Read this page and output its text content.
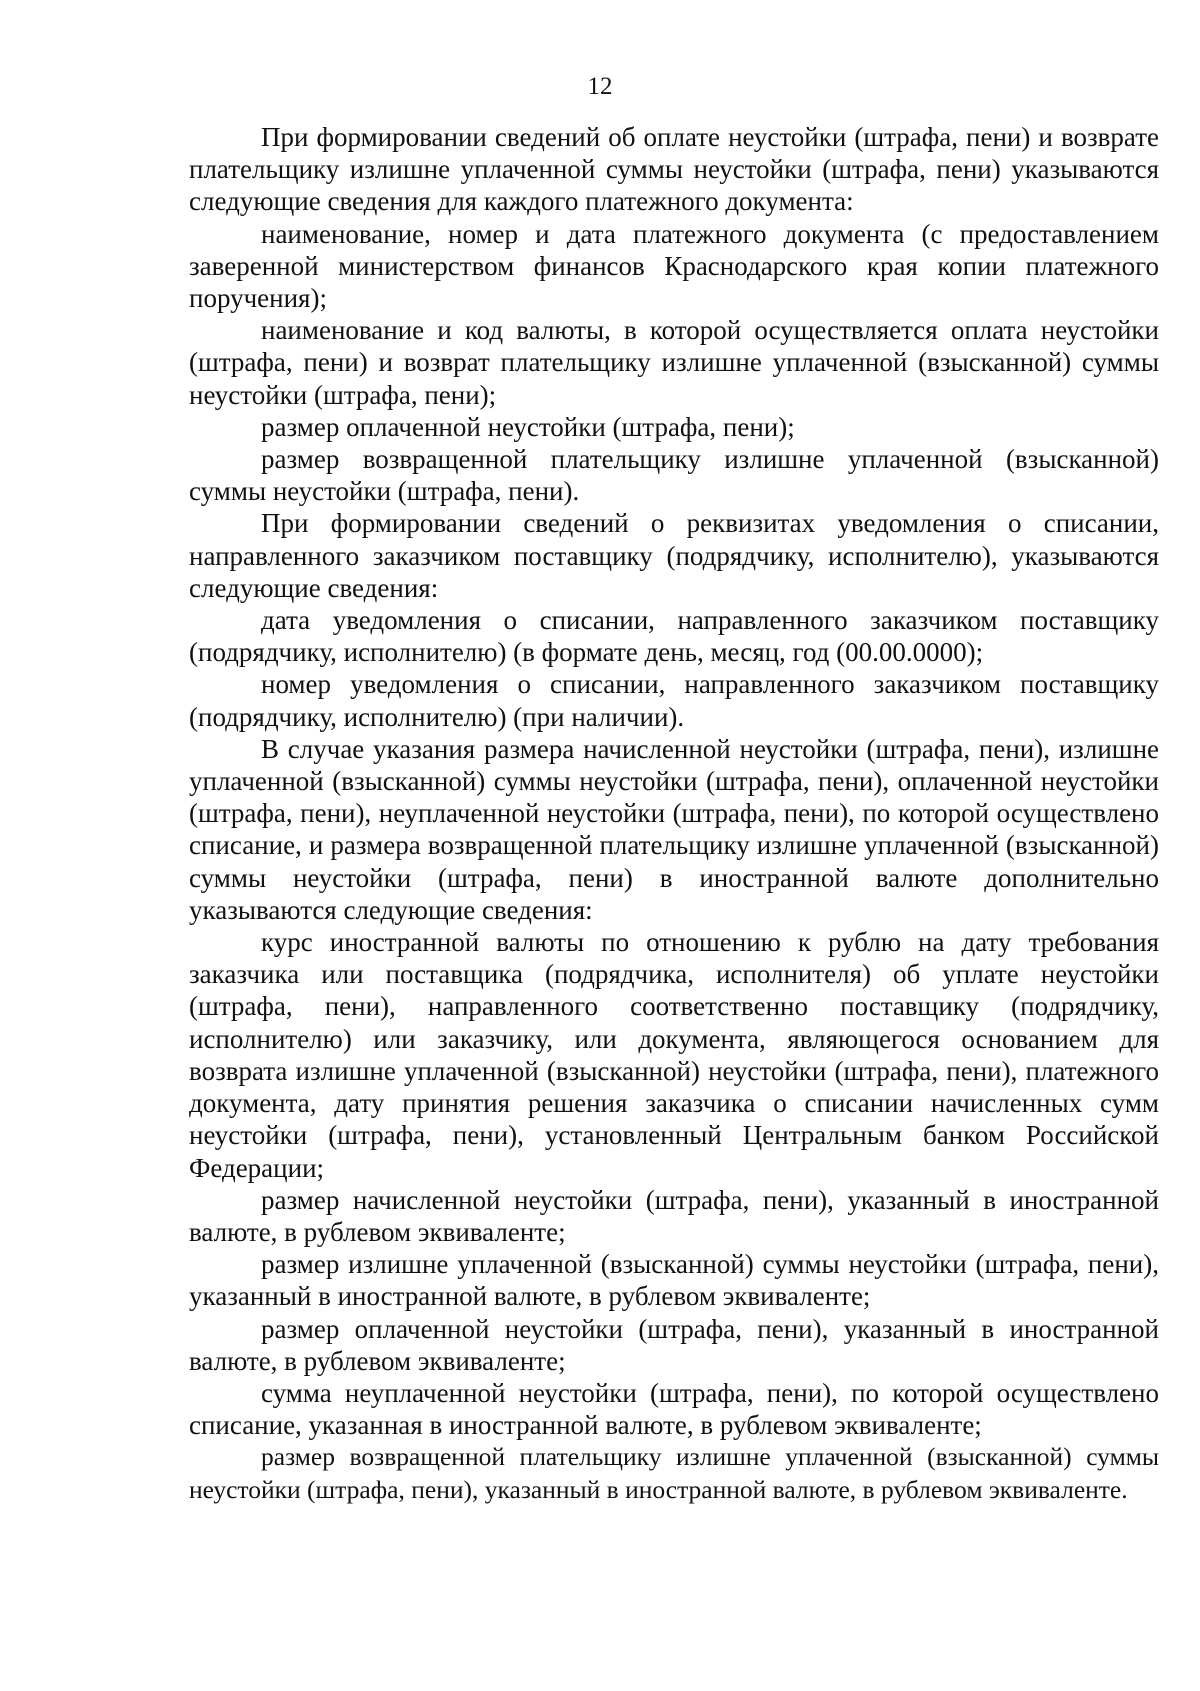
12

При формировании сведений об оплате неустойки (штрафа, пени) и возврате плательщику излишне уплаченной суммы неустойки (штрафа, пени) указываются следующие сведения для каждого платежного документа:

наименование, номер и дата платежного документа (с предоставлением заверенной министерством финансов Краснодарского края копии платежного поручения);

наименование и код валюты, в которой осуществляется оплата неустойки (штрафа, пени) и возврат плательщику излишне уплаченной (взысканной) суммы неустойки (штрафа, пени);

размер оплаченной неустойки (штрафа, пени);

размер возвращенной плательщику излишне уплаченной (взысканной) суммы неустойки (штрафа, пени).

При формировании сведений о реквизитах уведомления о списании, направленного заказчиком поставщику (подрядчику, исполнителю), указываются следующие сведения:

дата уведомления о списании, направленного заказчиком поставщику (подрядчику, исполнителю) (в формате день, месяц, год (00.00.0000);

номер уведомления о списании, направленного заказчиком поставщику (подрядчику, исполнителю) (при наличии).

В случае указания размера начисленной неустойки (штрафа, пени), излишне уплаченной (взысканной) суммы неустойки (штрафа, пени), оплаченной неустойки (штрафа, пени), неуплаченной неустойки (штрафа, пени), по которой осуществлено списание, и размера возвращенной плательщику излишне уплаченной (взысканной) суммы неустойки (штрафа, пени) в иностранной валюте дополнительно указываются следующие сведения:

курс иностранной валюты по отношению к рублю на дату требования заказчика или поставщика (подрядчика, исполнителя) об уплате неустойки (штрафа, пени), направленного соответственно поставщику (подрядчику, исполнителю) или заказчику, или документа, являющегося основанием для возврата излишне уплаченной (взысканной) неустойки (штрафа, пени), платежного документа, дату принятия решения заказчика о списании начисленных сумм неустойки (штрафа, пени), установленный Центральным банком Российской Федерации;

размер начисленной неустойки (штрафа, пени), указанный в иностранной валюте, в рублевом эквиваленте;

размер излишне уплаченной (взысканной) суммы неустойки (штрафа, пени), указанный в иностранной валюте, в рублевом эквиваленте;

размер оплаченной неустойки (штрафа, пени), указанный в иностранной валюте, в рублевом эквиваленте;

сумма неуплаченной неустойки (штрафа, пени), по которой осуществлено списание, указанная в иностранной валюте, в рублевом эквиваленте;

размер возвращенной плательщику излишне уплаченной (взысканной) суммы неустойки (штрафа, пени), указанный в иностранной валюте, в рублевом эквиваленте.
